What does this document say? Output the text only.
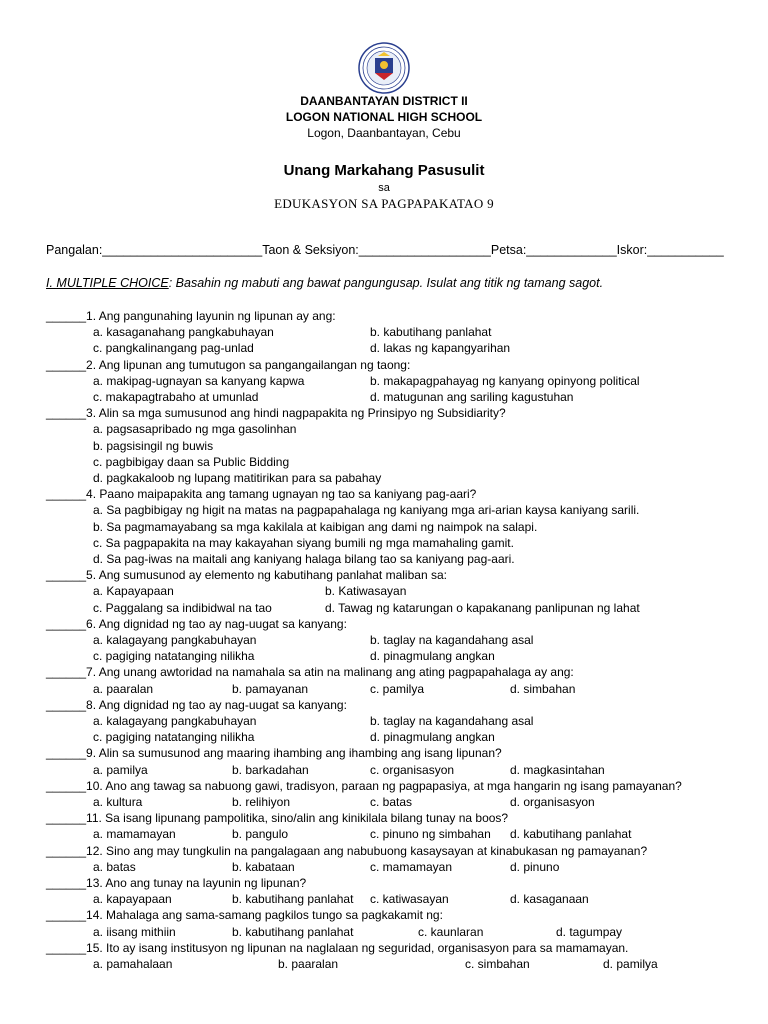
DAANBANTAYAN DISTRICT II
LOGON NATIONAL HIGH SCHOOL
Logon, Daanbantayan, Cebu
Unang Markahang Pasusulit
sa
EDUKASYON SA PAGPAPAKATAO 9
Pangalan:_______________________Taon & Seksiyon:___________________Petsa:_____________Iskor:___________
I. MULTIPLE CHOICE: Basahin ng mabuti ang bawat pangungusap. Isulat ang titik ng tamang sagot.
______1. Ang pangunahing layunin ng lipunan ay ang:
a. kasaganahang pangkabuhayan	b. kabutihang panlahat
c. pangkalinangang pag-unlad	d. lakas ng kapangyarihan
______2. Ang lipunan ang tumutugon sa pangangailangan ng taong:
a. makipag-ugnayan sa kanyang kapwa	b. makapagpahayag ng kanyang opinyong political
c. makapagtrabaho at umunlad	d. matugunan ang sariling kagustuhan
______3. Alin sa mga sumusunod ang hindi nagpapakita ng Prinsipyo ng Subsidiarity?
a. pagsasapribado ng mga gasolinhan
b. pagsisingil ng buwis
c. pagbibigay daan sa Public Bidding
d. pagkakaloob ng lupang matitirikan para sa pabahay
______4. Paano maipapakita ang tamang ugnayan ng tao sa kaniyang pag-aari?
a. Sa pagbibigay ng higit na matas na pagpapahalaga ng kaniyang mga ari-arian kaysa kaniyang sarili.
b. Sa pagmamayabang sa mga kakilala at kaibigan ang dami ng naimpok na salapi.
c. Sa pagpapakita na may kakayahan siyang bumili ng mga mamahaling gamit.
d. Sa pag-iwas na maitali ang kaniyang halaga bilang tao sa kaniyang pag-aari.
______5. Ang sumusunod ay elemento ng kabutihang panlahat maliban sa:
a. Kapayapaan	b. Katiwasayan
c. Paggalang sa indibidwal na tao	d. Tawag ng katarungan o kapakanang panlipunan ng lahat
______6. Ang dignidad ng tao ay nag-uugat sa kanyang:
a. kalagayang pangkabuhayan	b. taglay na kagandahang asal
c. pagiging natatanging nilikha	d. pinagmulang angkan
______7. Ang unang awtoridad na namahala sa atin na malinang ang ating pagpapahalaga ay ang:
a. paaralan	b. pamayanan	c. pamilya	d. simbahan
______8. Ang dignidad ng tao ay nag-uugat sa kanyang:
a. kalagayang pangkabuhayan	b. taglay na kagandahang asal
c. pagiging natatanging nilikha	d. pinagmulang angkan
______9. Alin sa sumusunod ang maaring ihambing ang ihambing ang isang lipunan?
a. pamilya	b. barkadahan	c. organisasyon	d. magkasintahan
______10. Ano ang tawag sa nabuong gawi, tradisyon, paraan ng pagpapasiya, at mga hangarin ng isang pamayanan?
a. kultura	b. relihiyon	c. batas	d. organisasyon
______11. Sa isang lipunang pampolitika, sino/alin ang kinikilala bilang tunay na boos?
a. mamamayan	b. pangulo	c. pinuno ng simbahan d. kabutihang panlahat
______12. Sino ang may tungkulin na pangalagaan ang nabubuong kasaysayan at kinabukasan ng pamayanan?
a. batas	b. kabataan	c. mamamayan	d. pinuno
______13. Ano ang tunay na layunin ng lipunan?
a. kapayapaan	b. kabutihang panlahat c. katiwasayan	d. kasaganaan
______14. Mahalaga ang sama-samang pagkilos tungo sa pagkakamit ng:
a. iisang mithiin	b. kabutihang panlahat	c. kaunlaran	d. tagumpay
______15. Ito ay isang institusyon ng lipunan na naglalaan ng seguridad, organisasyon para sa mamamayan.
a. pamahalaan	b. paaralan	c. simbahan	d. pamilya
